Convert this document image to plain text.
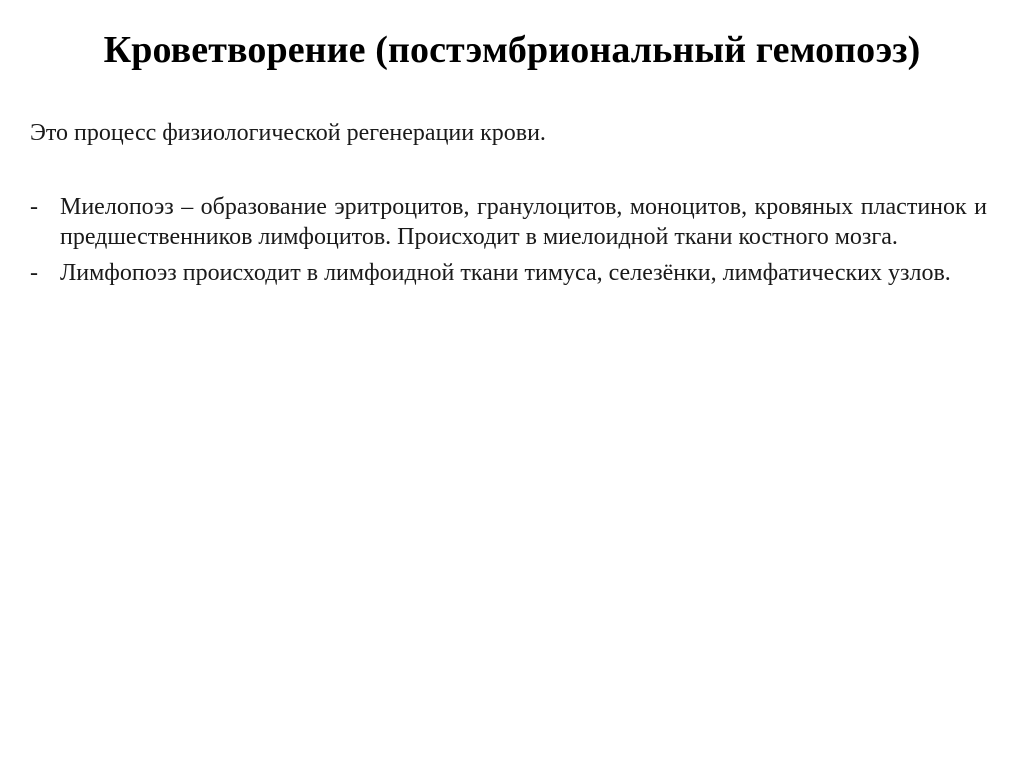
Кроветворение (постэмбриональный гемопоэз)
Это процесс физиологической регенерации крови.
- Миелопоэз – образование эритроцитов, гранулоцитов, моноцитов, кровяных пластинок и предшественников лимфоцитов. Происходит в миелоидной ткани костного мозга.
- Лимфопоэз происходит в лимфоидной ткани тимуса, селезёнки, лимфатических узлов.
